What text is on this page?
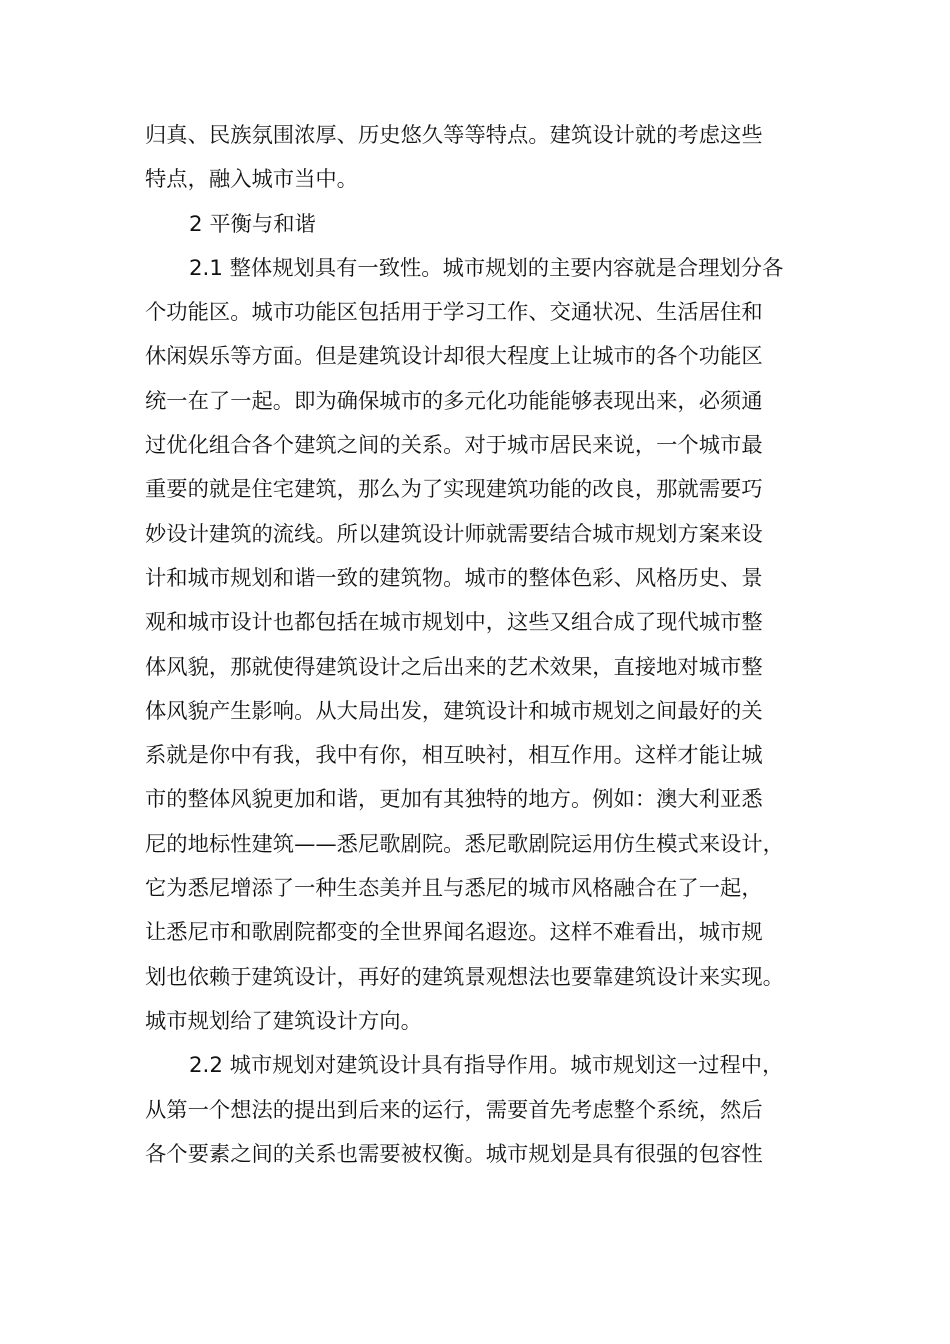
归真、民族氛围浓厚、历史悠久等等特点。建筑设计就的考虑这些
特点，融入城市当中。
2 平衡与和谐
2.1 整体规划具有一致性。城市规划的主要内容就是合理划分各
个功能区。城市功能区包括用于学习工作、交通状况、生活居住和
休闲娱乐等方面。但是建筑设计却很大程度上让城市的各个功能区
统一在了一起。即为确保城市的多元化功能能够表现出来，必须通
过优化组合各个建筑之间的关系。对于城市居民来说，一个城市最
重要的就是住宅建筑，那么为了实现建筑功能的改良，那就需要巧
妙设计建筑的流线。所以建筑设计师就需要结合城市规划方案来设
计和城市规划和谐一致的建筑物。城市的整体色彩、风格历史、景
观和城市设计也都包括在城市规划中，这些又组合成了现代城市整
体风貌，那就使得建筑设计之后出来的艺术效果，直接地对城市整
体风貌产生影响。从大局出发，建筑设计和城市规划之间最好的关
系就是你中有我，我中有你，相互映衬，相互作用。这样才能让城
市的整体风貌更加和谐，更加有其独特的地方。例如：澳大利亚悉
尼的地标性建筑——悉尼歌剧院。悉尼歌剧院运用仿生模式来设计，
它为悉尼增添了一种生态美并且与悉尼的城市风格融合在了一起，
让悉尼市和歌剧院都变的全世界闻名遐迩。这样不难看出，城市规
划也依赖于建筑设计，再好的建筑景观想法也要靠建筑设计来实现。
城市规划给了建筑设计方向。
2.2 城市规划对建筑设计具有指导作用。城市规划这一过程中，
从第一个想法的提出到后来的运行，需要首先考虑整个系统，然后
各个要素之间的关系也需要被权衡。城市规划是具有很强的包容性
